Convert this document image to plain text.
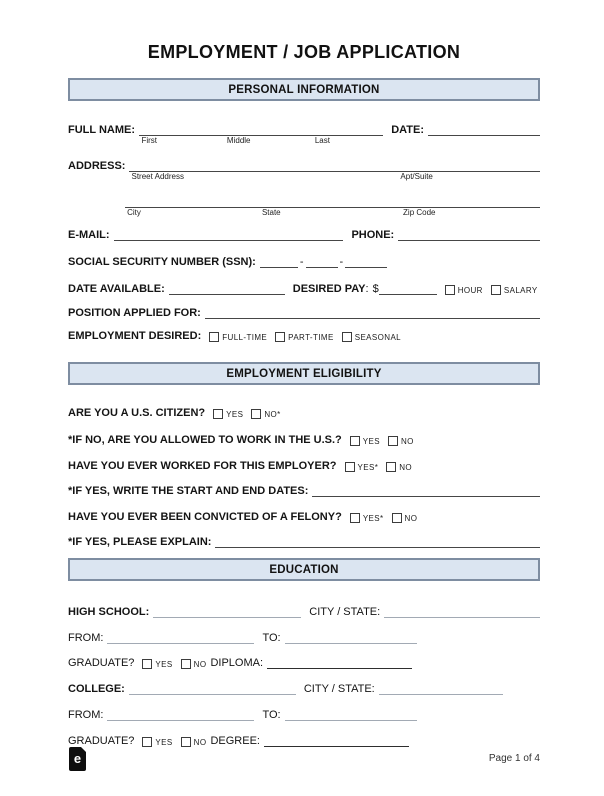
EMPLOYMENT / JOB APPLICATION
PERSONAL INFORMATION
FULL NAME:
First	Middle	Last
DATE:
ADDRESS:
Street Address	Apt/Suite
City	State	Zip Code
E-MAIL:	PHONE:
SOCIAL SECURITY NUMBER (SSN):	-	-
DATE AVAILABLE:	DESIRED PAY : $	HOUR	SALARY
POSITION APPLIED FOR:
EMPLOYMENT DESIRED:	FULL-TIME	PART-TIME	SEASONAL
EMPLOYMENT ELIGIBILITY
ARE YOU A U.S. CITIZEN?	YES	NO*
*IF NO, ARE YOU ALLOWED TO WORK IN THE U.S.?	YES	NO
HAVE YOU EVER WORKED FOR THIS EMPLOYER?	YES*	NO
*IF YES, WRITE THE START AND END DATES:
HAVE YOU EVER BEEN CONVICTED OF A FELONY?	YES*	NO
*IF YES, PLEASE EXPLAIN:
EDUCATION
HIGH SCHOOL:	CITY / STATE:
FROM:	TO:
GRADUATE?	YES	NO DIPLOMA:
COLLEGE:	CITY / STATE:
FROM:	TO:
GRADUATE?	YES	NO DEGREE:
e	Page 1 of 4
